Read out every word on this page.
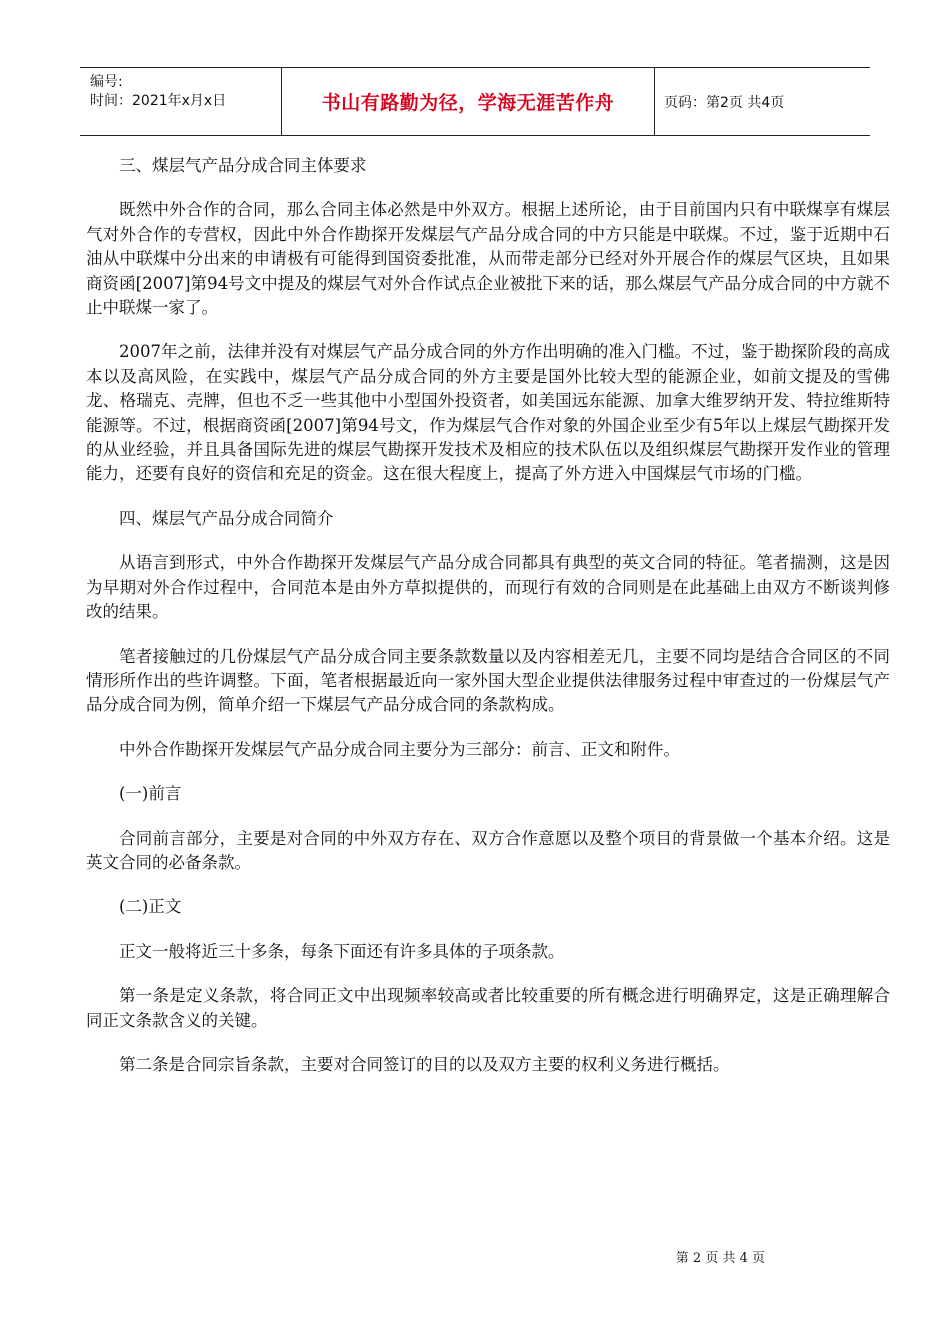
编号:
时间：2021年x月x日	书山有路勤为径，学海无涯苦作舟	页码：第2页 共4页

三、煤层气产品分成合同主体要求

既然中外合作的合同，那么合同主体必然是中外双方。根据上述所论，由于目前国内只有中联煤享有煤层气对外合作的专营权，因此中外合作勘探开发煤层气产品分成合同的中方只能是中联煤。不过，鉴于近期中石油从中联煤中分出来的申请极有可能得到国资委批准，从而带走部分已经对外开展合作的煤层气区块，且如果商资函[2007]第94号文中提及的煤层气对外合作试点企业被批下来的话，那么煤层气产品分成合同的中方就不止中联煤一家了。

2007年之前，法律并没有对煤层气产品分成合同的外方作出明确的准入门槛。不过，鉴于勘探阶段的高成本以及高风险，在实践中，煤层气产品分成合同的外方主要是国外比较大型的能源企业，如前文提及的雪佛龙、格瑞克、壳牌，但也不乏一些其他中小型国外投资者，如美国远东能源、加拿大维罗纳开发、特拉维斯特能源等。不过，根据商资函[2007]第94号文，作为煤层气合作对象的外国企业至少有5年以上煤层气勘探开发的从业经验，并且具备国际先进的煤层气勘探开发技术及相应的技术队伍以及组织煤层气勘探开发作业的管理能力，还要有良好的资信和充足的资金。这在很大程度上，提高了外方进入中国煤层气市场的门槛。

四、煤层气产品分成合同简介

从语言到形式，中外合作勘探开发煤层气产品分成合同都具有典型的英文合同的特征。笔者揣测，这是因为早期对外合作过程中，合同范本是由外方草拟提供的，而现行有效的合同则是在此基础上由双方不断谈判修改的结果。

笔者接触过的几份煤层气产品分成合同主要条款数量以及内容相差无几，主要不同均是结合合同区的不同情形所作出的些许调整。下面，笔者根据最近向一家外国大型企业提供法律服务过程中审查过的一份煤层气产品分成合同为例，简单介绍一下煤层气产品分成合同的条款构成。

中外合作勘探开发煤层气产品分成合同主要分为三部分：前言、正文和附件。

(一)前言

合同前言部分，主要是对合同的中外双方存在、双方合作意愿以及整个项目的背景做一个基本介绍。这是英文合同的必备条款。

(二)正文

正文一般将近三十多条，每条下面还有许多具体的子项条款。

第一条是定义条款，将合同正文中出现频率较高或者比较重要的所有概念进行明确界定，这是正确理解合同正文条款含义的关键。

第二条是合同宗旨条款，主要对合同签订的目的以及双方主要的权利义务进行概括。

第 2 页 共 4 页
